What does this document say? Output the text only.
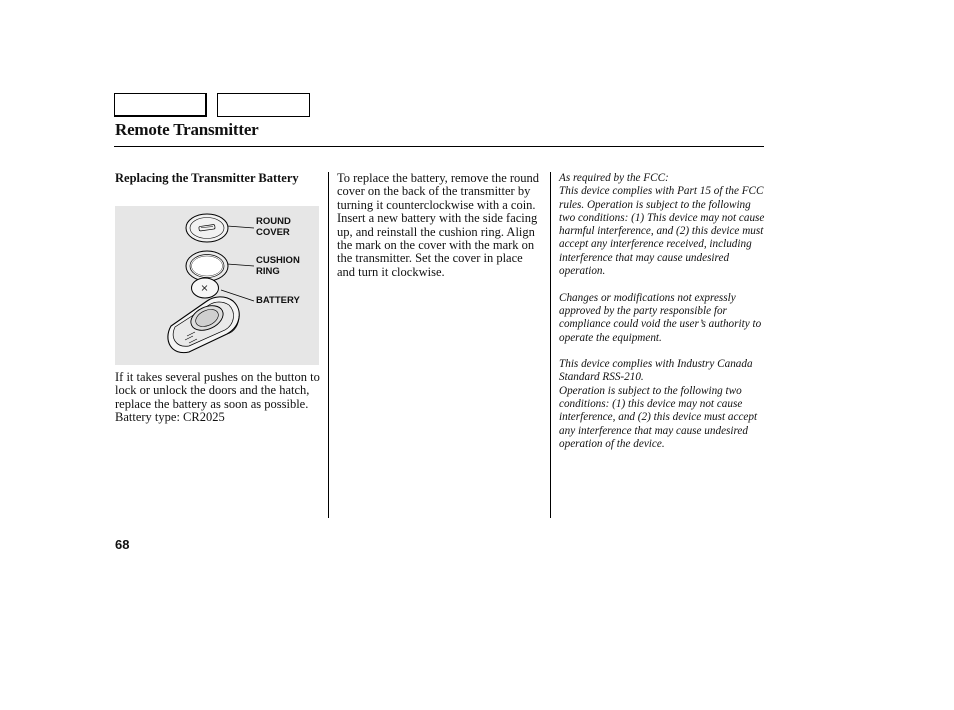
Remote Transmitter
Replacing the Transmitter Battery
ROUND COVER
CUSHION RING
BATTERY

If it takes several pushes on the button to lock or unlock the doors and the hatch, replace the battery as soon as possible.

Battery type: CR2025

To replace the battery, remove the round cover on the back of the transmitter by turning it counterclockwise with a coin. Insert a new battery with the side facing up, and reinstall the cushion ring. Align the mark on the cover with the mark on the transmitter. Set the cover in place and turn it clockwise.

As required by the FCC:
This device complies with Part 15 of the FCC rules. Operation is subject to the following two conditions: (1) This device may not cause harmful interference, and (2) this device must accept any interference received, including interference that may cause undesired operation.

Changes or modifications not expressly approved by the party responsible for compliance could void the user’s authority to operate the equipment.

This device complies with Industry Canada Standard RSS-210.
Operation is subject to the following two conditions: (1) this device may not cause interference, and (2) this device must accept any interference that may cause undesired operation of the device.

68
